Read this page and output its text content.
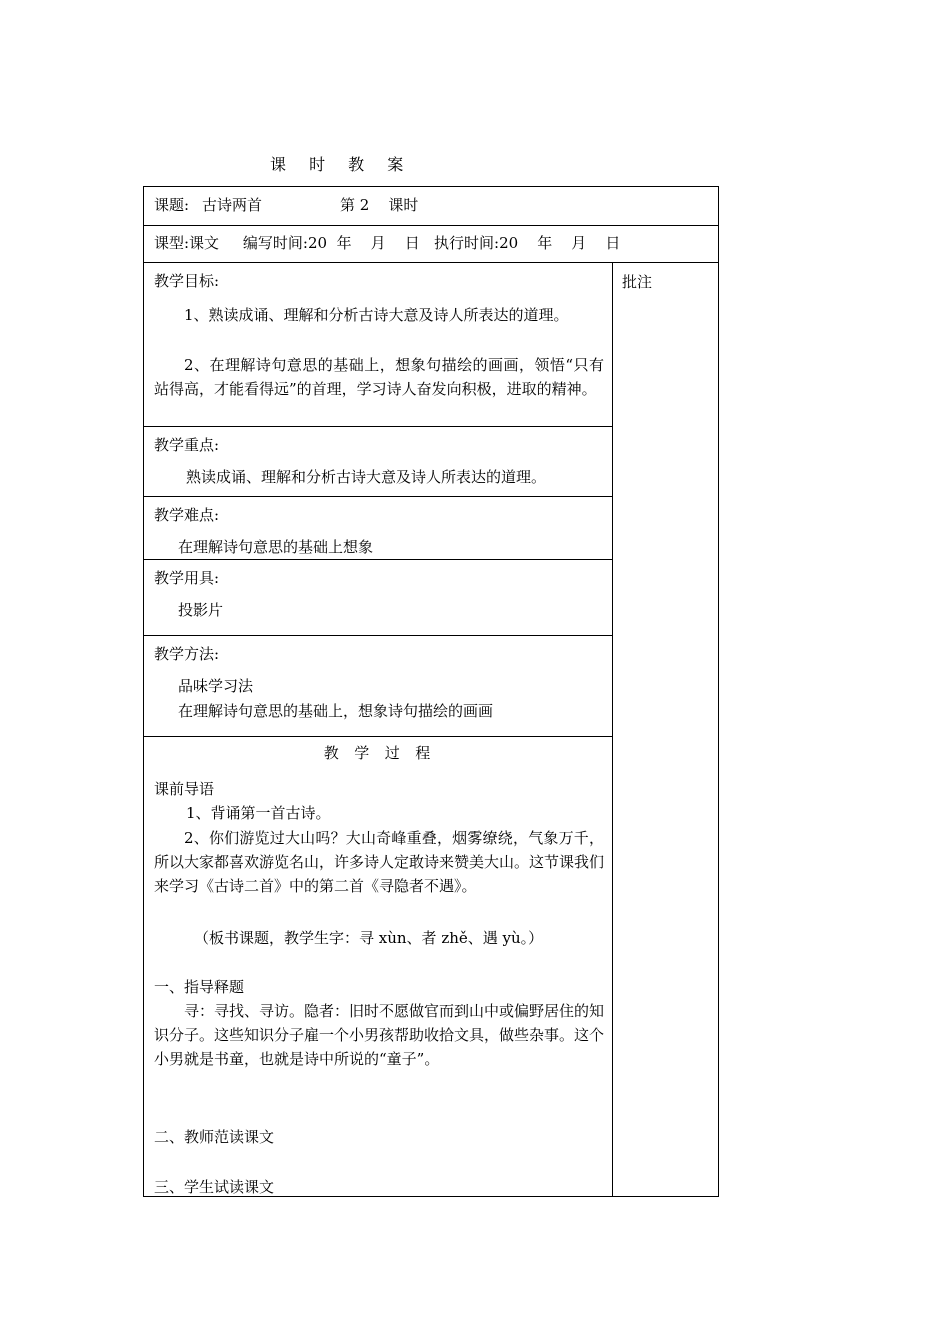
课 时 教 案
课题: 古诗两首	第 2    课时
课型:课文     编写时间:20  年    月    日   执行时间:20    年    月    日
批注
教学目标:
1、熟读成诵、理解和分析古诗大意及诗人所表达的道理。
2、在理解诗句意思的基础上，想象句描绘的画画，领悟“只有站得高，才能看得远”的首理，学习诗人奋发向积极，进取的精神。
教学重点:
熟读成诵、理解和分析古诗大意及诗人所表达的道理。
教学难点:
在理解诗句意思的基础上想象
教学用具:
投影片
教学方法:
品味学习法
在理解诗句意思的基础上，想象诗句描绘的画画
教  学  过  程
课前导语
1、背诵第一首古诗。
2、你们游览过大山吗？大山奇峰重叠，烟雾缭绕，气象万千，所以大家都喜欢游览名山，许多诗人定敢诗来赞美大山。这节课我们来学习《古诗二首》中的第二首《寻隐者不遇》。
（板书课题，教学生字：寻 xùn、者 zhě、遇 yù。）
一、指导释题
寻：寻找、寻访。隐者：旧时不愿做官而到山中或偏野居住的知识分子。这些知识分子雇一个小男孩帮助收拾文具，做些杂事。这个小男就是书童，也就是诗中所说的“童子”。
二、教师范读课文
三、学生试读课文
